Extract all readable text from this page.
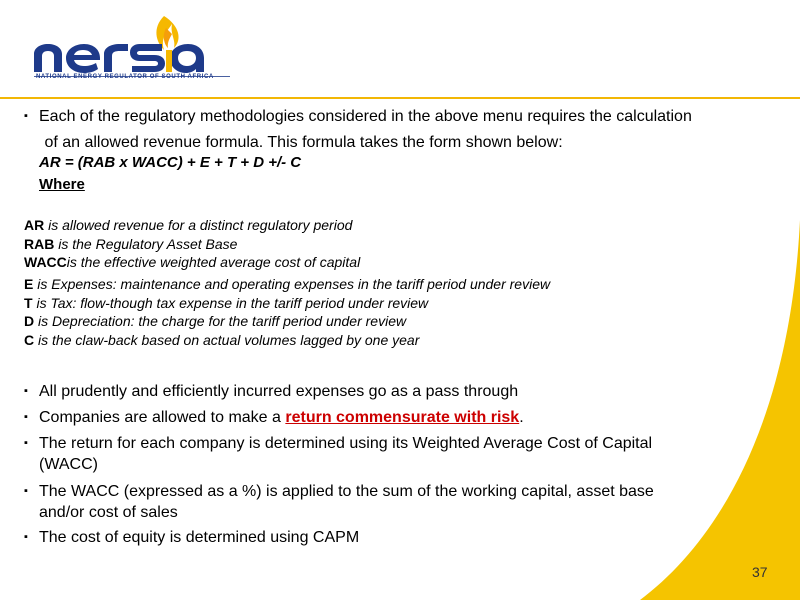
NATIONAL ENERGY REGULATOR OF SOUTH AFRICA
▪ Each of the regulatory methodologies considered in the above menu requires the calculation
of an allowed revenue formula. This formula takes the form shown below:
AR = (RAB x WACC) + E + T + D +/- C
Where
AR is allowed revenue for a distinct regulatory period
RAB is the Regulatory Asset Base
WACCis the effective weighted average cost of capital
E is Expenses: maintenance and operating expenses in the tariff period under review
T is Tax: flow-though tax expense in the tariff period under review
D is Depreciation: the charge for the tariff period under review
C is the claw-back based on actual volumes lagged by one year
▪ All prudently and efficiently incurred expenses go as a pass through
▪ Companies are allowed to make a return commensurate with risk.
▪ The return for each company is determined using its Weighted Average Cost of Capital
(WACC)
▪ The WACC (expressed as a %) is applied to the sum of the working capital, asset base
and/or cost of sales
▪ The cost of equity is determined using CAPM
37
